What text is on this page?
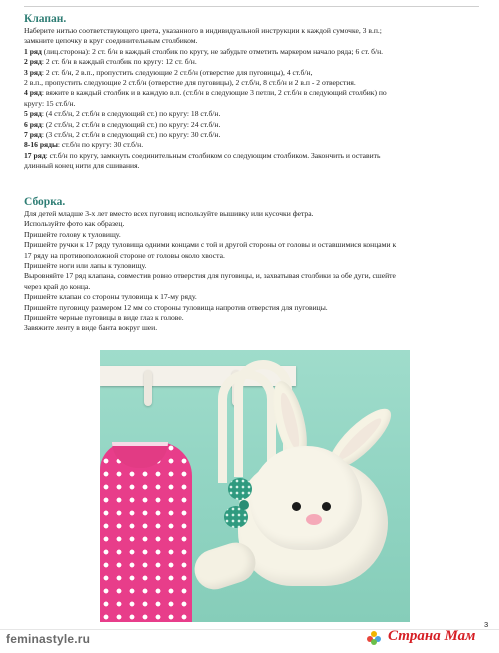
Клапан.
Наберите нитью соответствующего цвета, указанного в индивидуальной инструкции к каждой сумочке, 3 в.п.;
замкните цепочку в круг соединительным столбиком.
1 ряд (лиц.сторона): 2 ст. б/н в каждый столбик по кругу, не забудьте отметить маркером начало ряда; 6 ст. б/н.
2 ряд: 2 ст. б/н в каждый столбик по кругу: 12 ст. б/н.
3 ряд: 2 ст. б/н, 2 в.п., пропустить следующие 2 ст.б/н (отверстие для пуговицы), 4 ст.б/н,
2 в.п., пропустить следующие 2 ст.б/н (отверстие для пуговицы), 2 ст.б/н, 8 ст.б/н и 2 в.п - 2 отверстия.
4 ряд: вяжите в каждый столбик и в каждую в.п. (ст.б/н в следующие 3 петли, 2 ст.б/н в следующий столбик) по
кругу: 15 ст.б/н.
5 ряд: (4 ст.б/н, 2 ст.б/н в следующий ст.) по кругу: 18 ст.б/н.
6 ряд: (2 ст.б/н, 2 ст.б/н в следующий ст.) по кругу: 24 ст.б/н.
7 ряд: (3 ст.б/н, 2 ст.б/н в следующий ст.) по кругу: 30 ст.б/н.
8-16 ряды: ст.б/н по кругу: 30 ст.б/н.
17 ряд: ст.б/н по кругу, замкнуть соединительным столбиком со следующим столбиком. Закончить и оставить
длинный конец нити для сшивания.
Сборка.
Для детей младше 3-х лет вместо всех пуговиц используйте вышивку или кусочки фетра.
Используйте фото как образец.
Пришейте голову к туловищу.
Пришейте ручки к 17 ряду туловища одними концами с той и другой стороны от головы и оставшимися концами к
17 ряду на противоположной стороне от головы около хвоста.
Пришейте ноги или лапы к туловищу.
Выровняйте 17 ряд клапана, совместив ровно отверстия для пуговицы, и, захватывая столбики за обе дуги, сшейте
через край до конца.
Пришейте клапан со стороны туловища к 17-му ряду.
Пришейте пуговицу размером 12 мм со стороны туловища напротив отверстия для пуговицы.
Пришейте черные пуговицы в виде глаз к голове.
Завяжите ленту в виде банта вокруг шеи.
3
feminastyle.ru	Страна Мам
